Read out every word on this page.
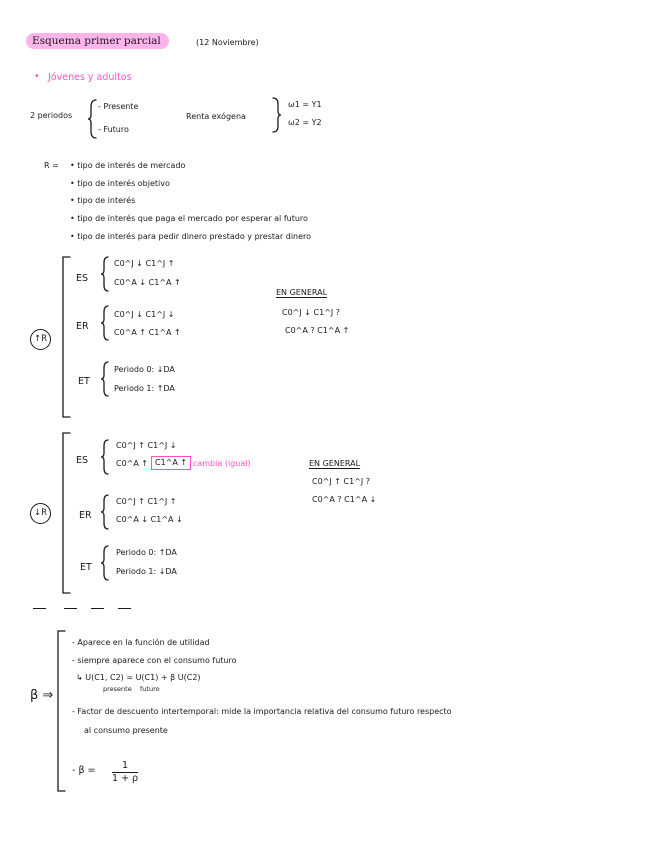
Esquema primer parcial	(12 Noviembre)
• Jóvenes y adultos
2 periodos
- Presente
- Futuro
Renta exógena
ω1 = Y1
ω2 = Y2
R = • tipo de interés de mercado
• tipo de interés objetivo
• tipo de interés
• tipo de interés que paga el mercado por esperar al futuro
• tipo de interés para pedir dinero prestado y prestar dinero
↑R
ES
C0^J ↓ C1^J ↑
C0^A ↓ C1^A ↑
ER
C0^J ↓ C1^J ↓
C0^A ↑ C1^A ↑
ET
Periodo 0: ↓DA
Periodo 1: ↑DA
EN GENERAL
C0^J ↓ C1^J ?
C0^A ? C1^A ↑
↓R
ES
C0^J ↑ C1^J ↓
C0^A ↑ C1^A ↑ cambia (igual)
ER
C0^J ↑ C1^J ↑
C0^A ↓ C1^A ↓
ET
Periodo 0: ↑DA
Periodo 1: ↓DA
EN GENERAL
C0^J ↑ C1^J ?
C0^A ? C1^A ↓
β ⇒
- Aparece en la función de utilidad
- siempre aparece con el consumo futuro
↳ U(C1, C2) = U(C1) + β U(C2)
presente futuro
- Factor de descuento intertemporal: mide la importancia relativa del consumo futuro respecto
al consumo presente
- $\beta = \frac{1}{1 + \rho}$
